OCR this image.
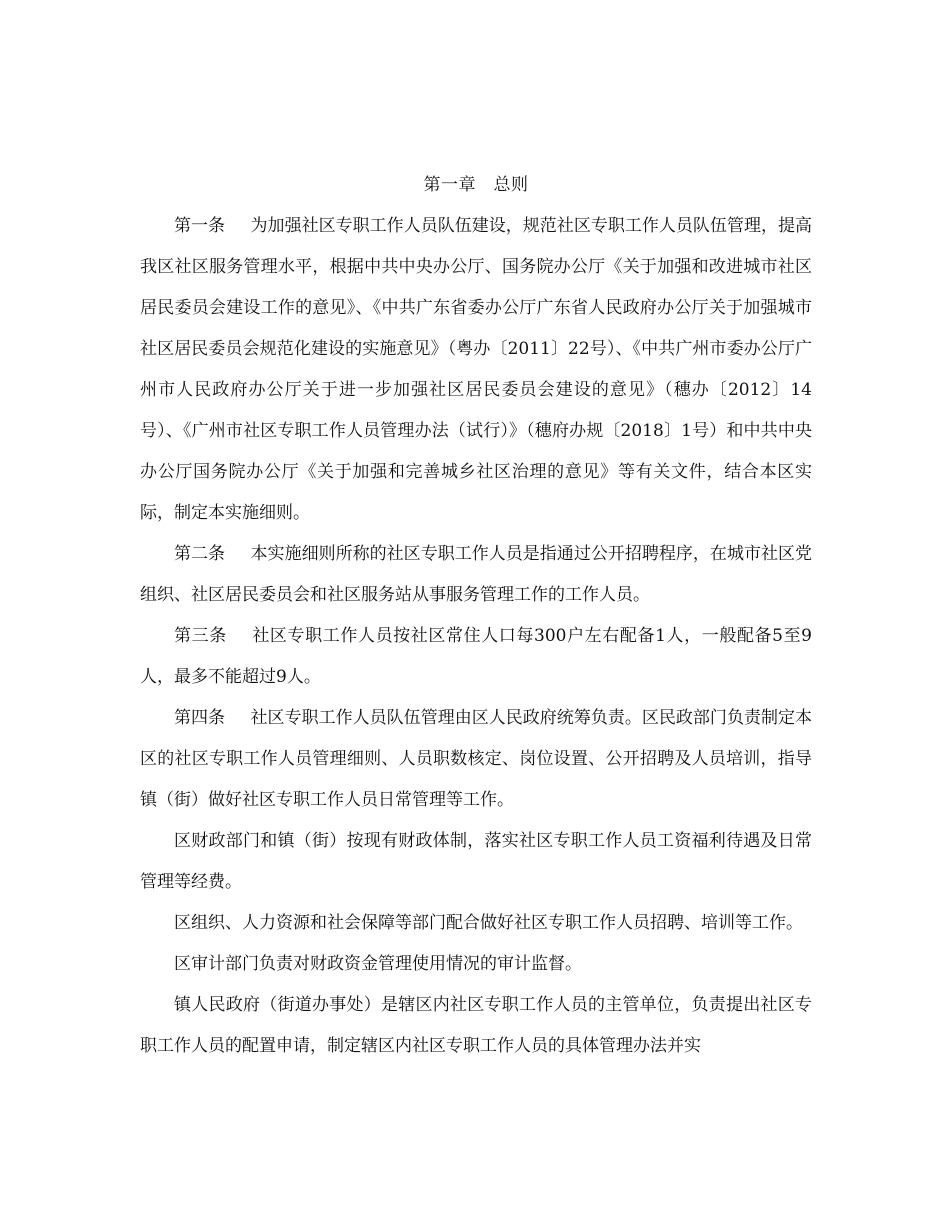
第一章　总则

第一条 为加强社区专职工作人员队伍建设，规范社区专职工作人员队伍管理，提高我区社区服务管理水平，根据中共中央办公厅、国务院办公厅《关于加强和改进城市社区居民委员会建设工作的意见》、《中共广东省委办公厅广东省人民政府办公厅关于加强城市社区居民委员会规范化建设的实施意见》（粤办〔2011〕22号）、《中共广州市委办公厅广州市人民政府办公厅关于进一步加强社区居民委员会建设的意见》（穗办〔2012〕14号）、《广州市社区专职工作人员管理办法（试行）》（穗府办规〔2018〕1号）和中共中央办公厅国务院办公厅《关于加强和完善城乡社区治理的意见》等有关文件，结合本区实际，制定本实施细则。

第二条 本实施细则所称的社区专职工作人员是指通过公开招聘程序，在城市社区党组织、社区居民委员会和社区服务站从事服务管理工作的工作人员。

第三条 社区专职工作人员按社区常住人口每300户左右配备1人，一般配备5至9人，最多不能超过9人。

第四条 社区专职工作人员队伍管理由区人民政府统筹负责。区民政部门负责制定本区的社区专职工作人员管理细则、人员职数核定、岗位设置、公开招聘及人员培训，指导镇（街）做好社区专职工作人员日常管理等工作。

区财政部门和镇（街）按现有财政体制，落实社区专职工作人员工资福利待遇及日常管理等经费。

区组织、人力资源和社会保障等部门配合做好社区专职工作人员招聘、培训等工作。

区审计部门负责对财政资金管理使用情况的审计监督。

镇人民政府（街道办事处）是辖区内社区专职工作人员的主管单位，负责提出社区专职工作人员的配置申请，制定辖区内社区专职工作人员的具体管理办法并实
